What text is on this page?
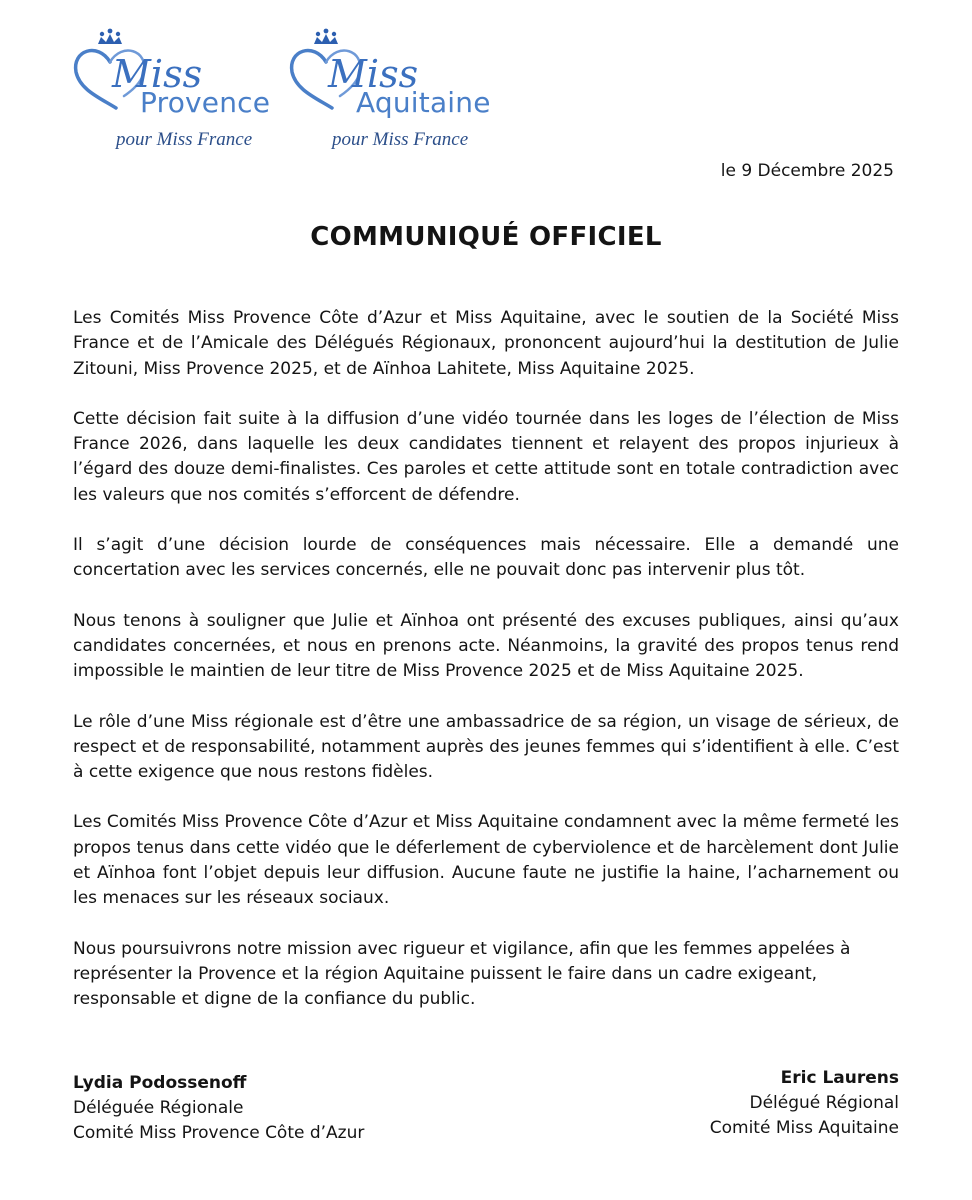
Miss
Provence
pour Miss France
Miss
Aquitaine
pour Miss France
le 9 Décembre 2025
COMMUNIQUÉ OFFICIEL

Les Comités Miss Provence Côte d’Azur et Miss Aquitaine, avec le soutien de la Société Miss France et de l’Amicale des Délégués Régionaux, prononcent aujourd’hui la destitution de Julie Zitouni, Miss Provence 2025, et de Aïnhoa Lahitete, Miss Aquitaine 2025.

Cette décision fait suite à la diffusion d’une vidéo tournée dans les loges de l’élection de Miss France 2026, dans laquelle les deux candidates tiennent et relayent des propos injurieux à l’égard des douze demi-finalistes. Ces paroles et cette attitude sont en totale contradiction avec les valeurs que nos comités s’efforcent de défendre.

Il s’agit d’une décision lourde de conséquences mais nécessaire. Elle a demandé une concertation avec les services concernés, elle ne pouvait donc pas intervenir plus tôt.

Nous tenons à souligner que Julie et Aïnhoa ont présenté des excuses publiques, ainsi qu’aux candidates concernées, et nous en prenons acte. Néanmoins, la gravité des propos tenus rend impossible le maintien de leur titre de Miss Provence 2025 et de Miss Aquitaine 2025.

Le rôle d’une Miss régionale est d’être une ambassadrice de sa région, un visage de sérieux, de respect et de responsabilité, notamment auprès des jeunes femmes qui s’identifient à elle. C’est à cette exigence que nous restons fidèles.

Les Comités Miss Provence Côte d’Azur et Miss Aquitaine condamnent avec la même fermeté les propos tenus dans cette vidéo que le déferlement de cyberviolence et de harcèlement dont Julie et Aïnhoa font l’objet depuis leur diffusion. Aucune faute ne justifie la haine, l’acharnement ou les menaces sur les réseaux sociaux.

Nous poursuivrons notre mission avec rigueur et vigilance, afin que les femmes appelées à représenter la Provence et la région Aquitaine puissent le faire dans un cadre exigeant, responsable et digne de la confiance du public.

Lydia Podossenoff
Déléguée Régionale
Comité Miss Provence Côte d’Azur
Eric Laurens
Délégué Régional
Comité Miss Aquitaine
